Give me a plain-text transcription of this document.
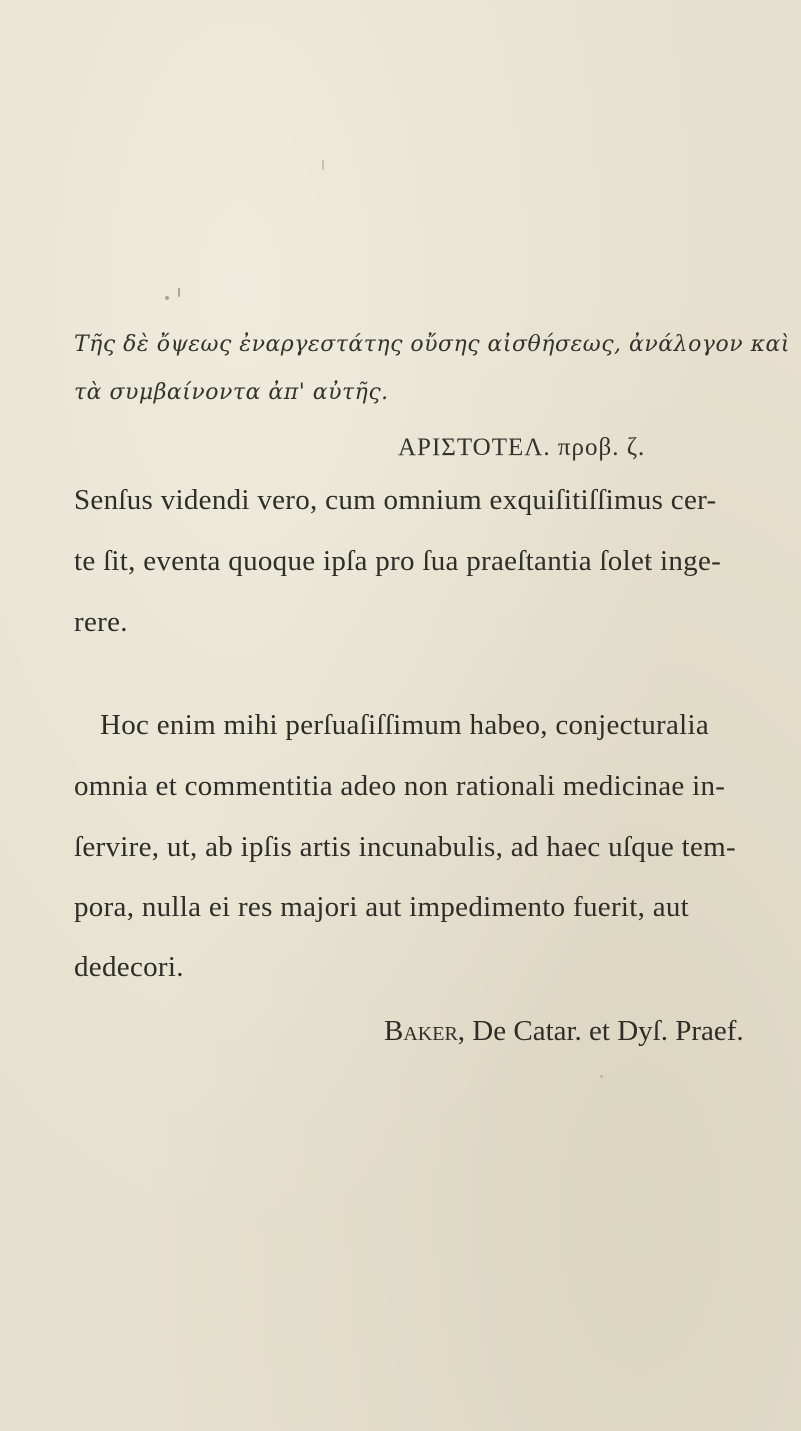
Τῆς δὲ ὄψεως ἐναργεστάτης οὔσης αἰσθήσεως, ἀνάλογον καὶ

τὰ συμβαίνοντα ἀπ' αὐτῆς.

ΑΡΙΣΤΟΤΕΛ. προβ. ζ.

Senſus videndi vero, cum omnium exquiſitiſſimus cer-

te ſit, eventa quoque ipſa pro ſua praeſtantia ſolet inge-

rere.

Hoc enim mihi perſuaſiſſimum habeo, conjecturalia

omnia et commentitia adeo non rationali medicinae in-

ſervire, ut, ab ipſis artis incunabulis, ad haec uſque tem-

pora, nulla ei res majori aut impedimento fuerit, aut

dedecori.

Baker, De Catar. et Dyſ. Praef.
